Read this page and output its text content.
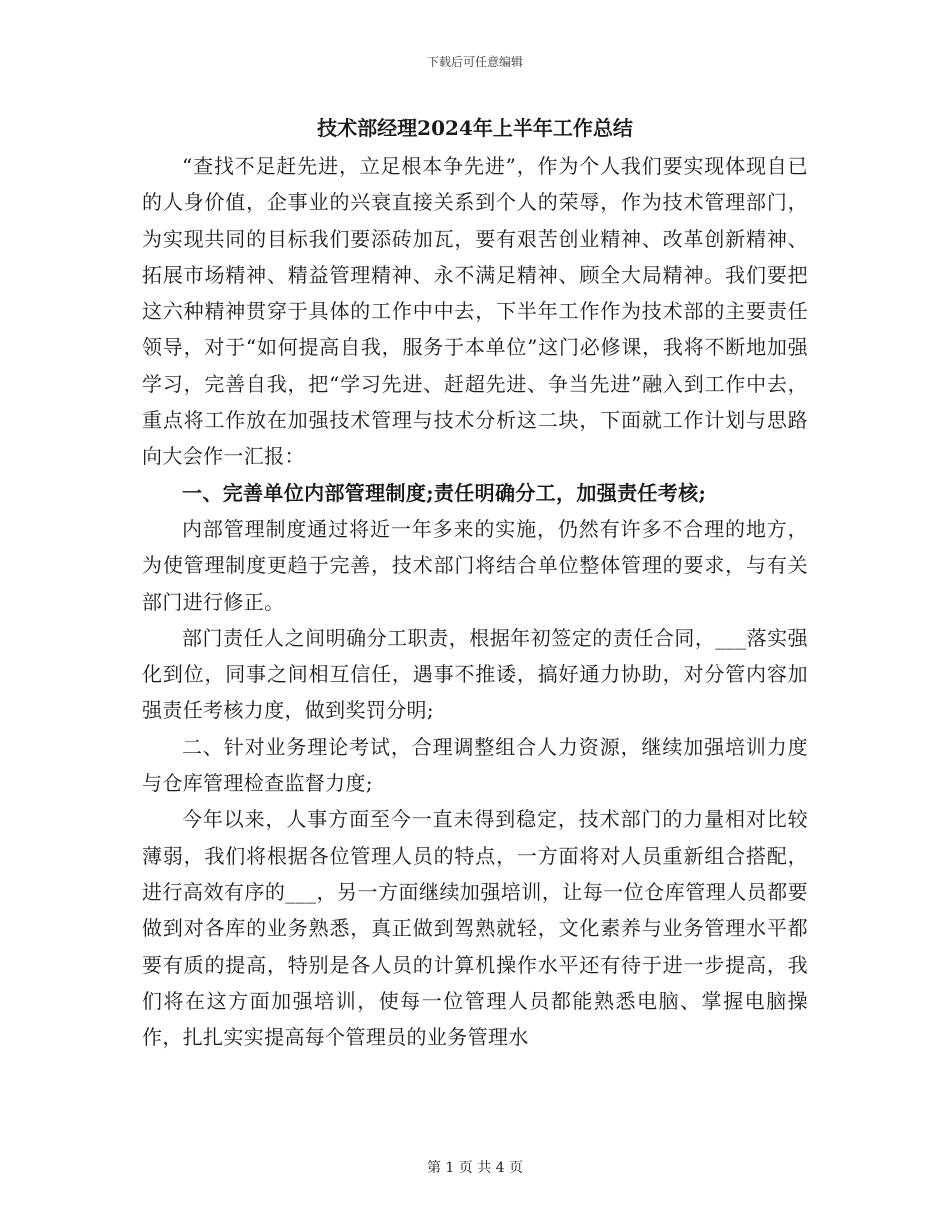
下载后可任意编辑
技术部经理2024年上半年工作总结

“查找不足赶先进，立足根本争先进”，作为个人我们要实现体现自已的人身价值，企事业的兴衰直接关系到个人的荣辱，作为技术管理部门，为实现共同的目标我们要添砖加瓦，要有艰苦创业精神、改革创新精神、拓展市场精神、精益管理精神、永不满足精神、顾全大局精神。我们要把这六种精神贯穿于具体的工作中中去，下半年工作作为技术部的主要责任领导，对于“如何提高自我，服务于本单位”这门必修课，我将不断地加强学习，完善自我，把“学习先进、赶超先进、争当先进”融入到工作中去，重点将工作放在加强技术管理与技术分析这二块，下面就工作计划与思路向大会作一汇报：

一、完善单位内部管理制度;责任明确分工，加强责任考核;

内部管理制度通过将近一年多来的实施，仍然有许多不合理的地方，为使管理制度更趋于完善，技术部门将结合单位整体管理的要求，与有关部门进行修正。

部门责任人之间明确分工职责，根据年初签定的责任合同，___落实强化到位，同事之间相互信任，遇事不推诿，搞好通力协助，对分管内容加强责任考核力度，做到奖罚分明;

二、针对业务理论考试，合理调整组合人力资源，继续加强培训力度与仓库管理检查监督力度;

今年以来，人事方面至今一直未得到稳定，技术部门的力量相对比较薄弱，我们将根据各位管理人员的特点，一方面将对人员重新组合搭配，进行高效有序的___，另一方面继续加强培训，让每一位仓库管理人员都要做到对各库的业务熟悉，真正做到驾熟就轻，文化素养与业务管理水平都要有质的提高，特别是各人员的计算机操作水平还有待于进一步提高，我们将在这方面加强培训，使每一位管理人员都能熟悉电脑、掌握电脑操作，扎扎实实提高每个管理员的业务管理水

第 1 页 共 4 页
